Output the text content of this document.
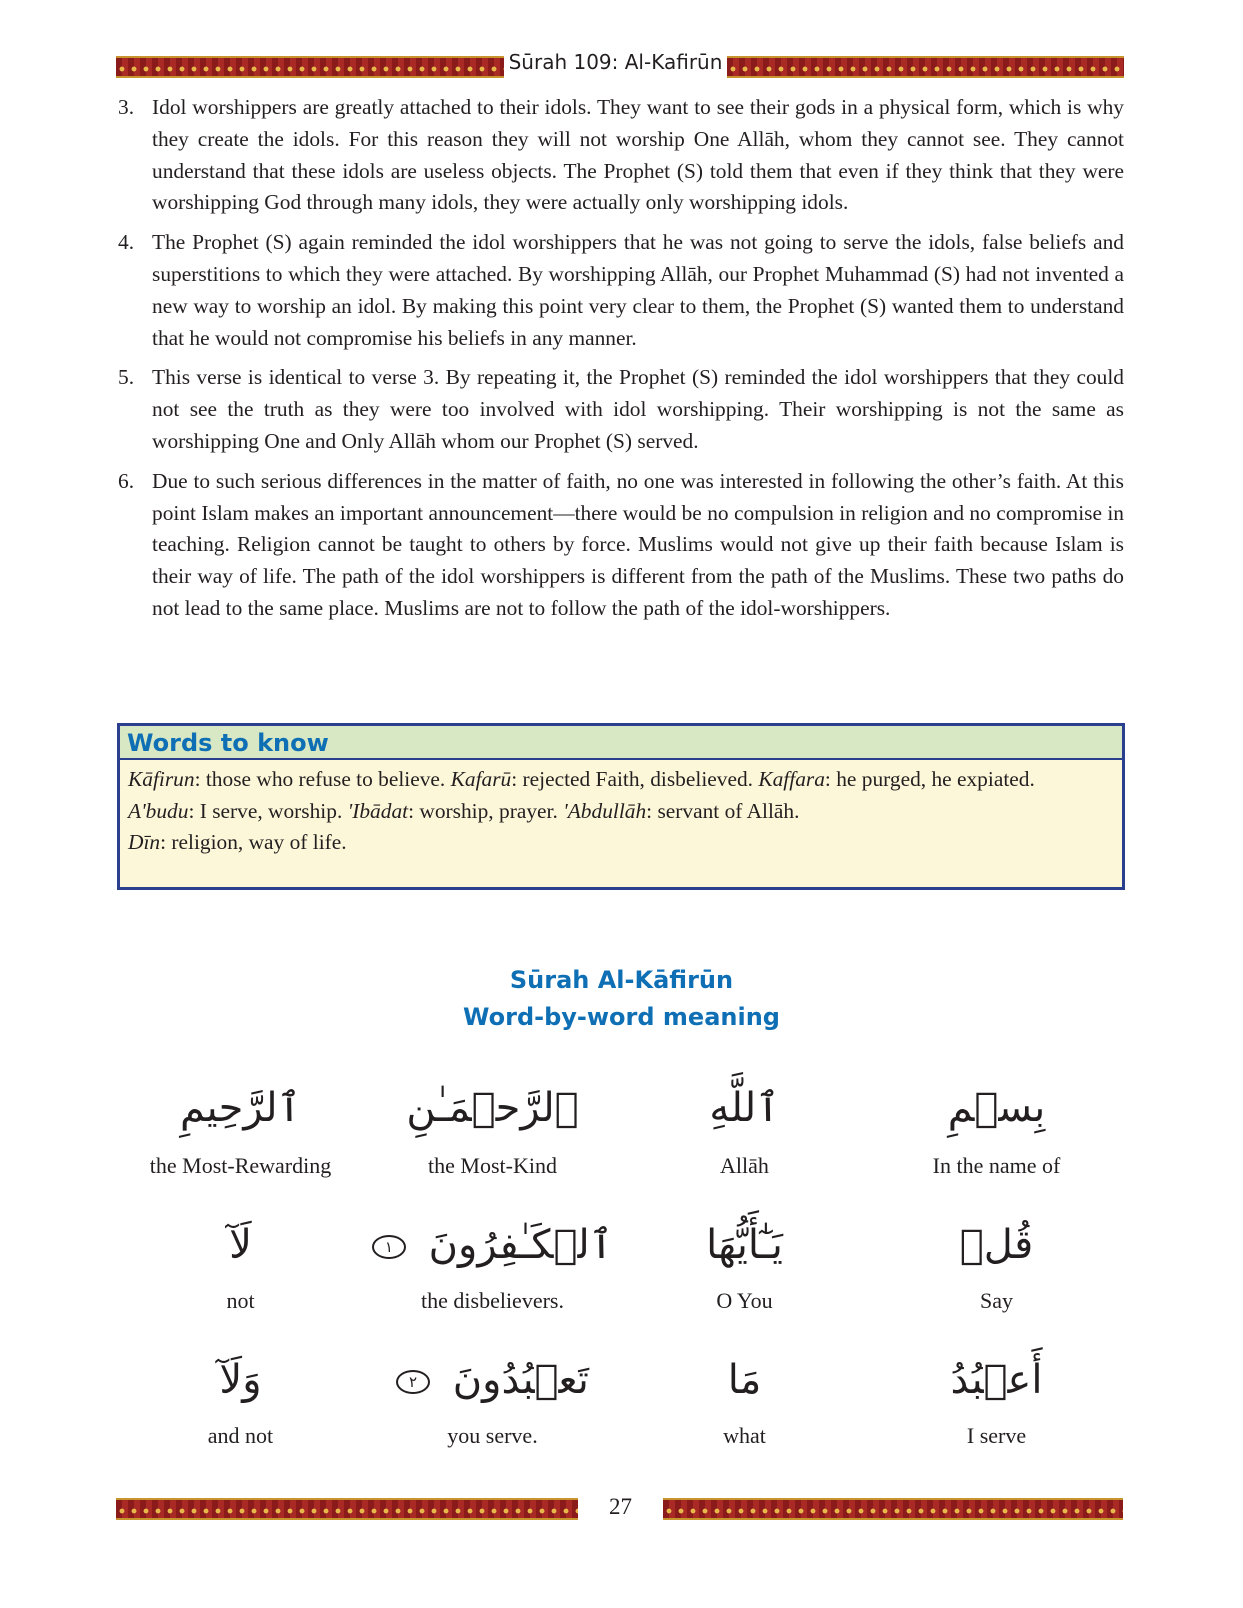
Sūrah 109: Al-Kafirūn
3. Idol worshippers are greatly attached to their idols. They want to see their gods in a physical form, which is why they create the idols. For this reason they will not worship One Allāh, whom they cannot see. They cannot understand that these idols are useless objects. The Prophet (S) told them that even if they think that they were worshipping God through many idols, they were actually only worshipping idols.
4. The Prophet (S) again reminded the idol worshippers that he was not going to serve the idols, false beliefs and superstitions to which they were attached. By worshipping Allāh, our Prophet Muhammad (S) had not invented a new way to worship an idol. By making this point very clear to them, the Prophet (S) wanted them to understand that he would not compromise his beliefs in any manner.
5. This verse is identical to verse 3. By repeating it, the Prophet (S) reminded the idol worshippers that they could not see the truth as they were too involved with idol worshipping. Their worshipping is not the same as worshipping One and Only Allāh whom our Prophet (S) served.
6. Due to such serious differences in the matter of faith, no one was interested in following the other’s faith. At this point Islam makes an important announcement—there would be no compulsion in religion and no compromise in teaching. Religion cannot be taught to others by force. Muslims would not give up their faith because Islam is their way of life. The path of the idol worshippers is different from the path of the Muslims. These two paths do not lead to the same place. Muslims are not to follow the path of the idol-worshippers.
Words to know
Kāfirun: those who refuse to believe. Kafarū: rejected Faith, disbelieved. Kaffara: he purged, he expiated.
A'budu: I serve, worship. 'Ibādat: worship, prayer. 'Abdullāh: servant of Allāh.
Dīn: religion, way of life.
Sūrah Al-Kāfirūn
Word-by-word meaning
بِسۡمِ
ٱللَّهِ
ٱلرَّحۡمَـٰنِ
ٱلرَّحِيمِ
In the name of
Allāh
the Most-Kind
the Most-Rewarding
قُلۡ
يَـٰٓأَيُّهَا
ٱلۡكَـٰفِرُونَ ١
لَآ
Say
O You
the disbelievers.
not
أَعۡبُدُ
مَا
تَعۡبُدُونَ ٢
وَلَآ
I serve
what
you serve.
and not
27
